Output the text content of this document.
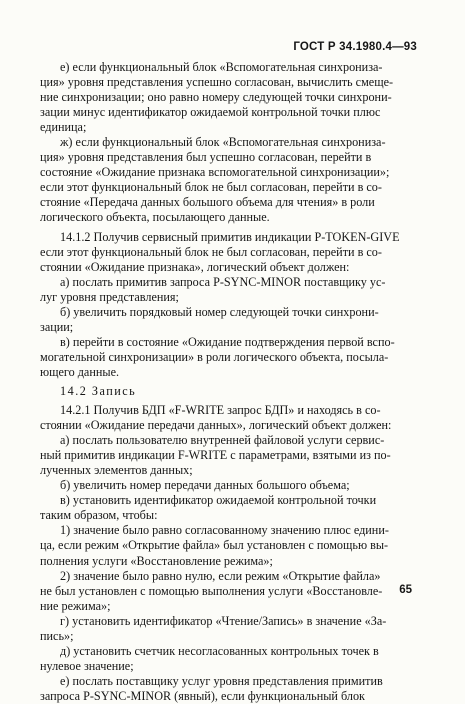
ГОСТ Р 34.1980.4—93
е) если функциональный блок «Вспомогательная синхрониза-
ция» уровня представления успешно согласован, вычислить смеще-
ние синхронизации; оно равно номеру следующей точки синхрони-
зации минус идентификатор ожидаемой контрольной точки плюс
единица;
ж) если функциональный блок «Вспомогательная синхрониза-
ция» уровня представления был успешно согласован, перейти в
состояние «Ожидание признака вспомогательной синхронизации»;
если этот функциональный блок не был согласован, перейти в со-
стояние «Передача данных большого объема для чтения» в роли
логического объекта, посылающего данные.
14.1.2 Получив сервисный примитив индикации P-TOKEN-GIVE
если этот функциональный блок не был согласован, перейти в со-
стоянии «Ожидание признака», логический объект должен:
а) послать примитив запроса P-SYNC-MINOR поставщику ус-
луг уровня представления;
б) увеличить порядковый номер следующей точки синхрони-
зации;
в) перейти в состояние «Ожидание подтверждения первой вспо-
могательной синхронизации» в роли логического объекта, посыла-
ющего данные.
14.2 Запись
14.2.1 Получив БДП «F-WRITE запрос БДП» и находясь в со-
стоянии «Ожидание передачи данных», логический объект должен:
а) послать пользователю внутренней файловой услуги сервис-
ный примитив индикации F-WRITE с параметрами, взятыми из по-
лученных элементов данных;
б) увеличить номер передачи данных большого объема;
в) установить идентификатор ожидаемой контрольной точки
таким образом, чтобы:
1) значение было равно согласованному значению плюс едини-
ца, если режим «Открытие файла» был установлен с помощью вы-
полнения услуги «Восстановление режима»;
2) значение было равно нулю, если режим «Открытие файла»
не был установлен с помощью выполнения услуги «Восстановле-
ние режима»;
г) установить идентификатор «Чтение/Запись» в значение «За-
пись»;
д) установить счетчик несогласованных контрольных точек в
нулевое значение;
е) послать поставщику услуг уровня представления примитив
запроса P-SYNC-MINOR (явный), если функциональный блок
65
